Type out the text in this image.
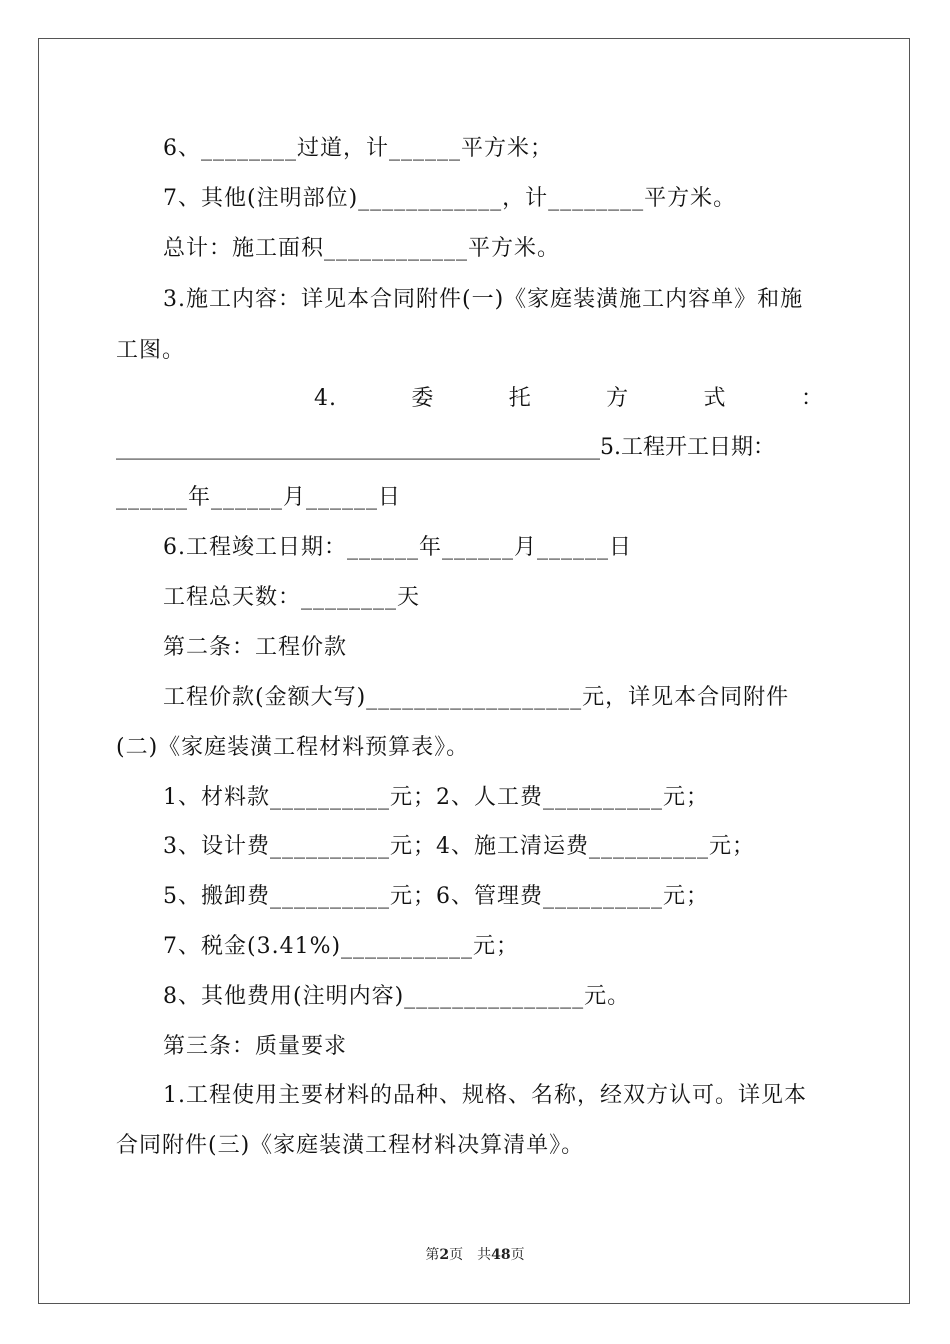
6、________过道，计______平方米；
7、其他(注明部位)____________，计________平方米。
总计：施工面积____________平方米。
3.施工内容：详见本合同附件(一)《家庭装潢施工内容单》和施
工图。
4.	委	托	方	式	：
____________________________________________5.工程开工日期：
______年______月______日
6.工程竣工日期：______年______月______日
工程总天数：________天
第二条：工程价款
工程价款(金额大写)__________________元，详见本合同附件
(二)《家庭装潢工程材料预算表》。
1、材料款__________元；2、人工费__________元；
3、设计费__________元；4、施工清运费__________元；
5、搬卸费__________元；6、管理费__________元；
7、税金(3.41%)___________元；
8、其他费用(注明内容)_______________元。
第三条：质量要求
1.工程使用主要材料的品种、规格、名称，经双方认可。详见本
合同附件(三)《家庭装潢工程材料决算清单》。
第2页　共48页
